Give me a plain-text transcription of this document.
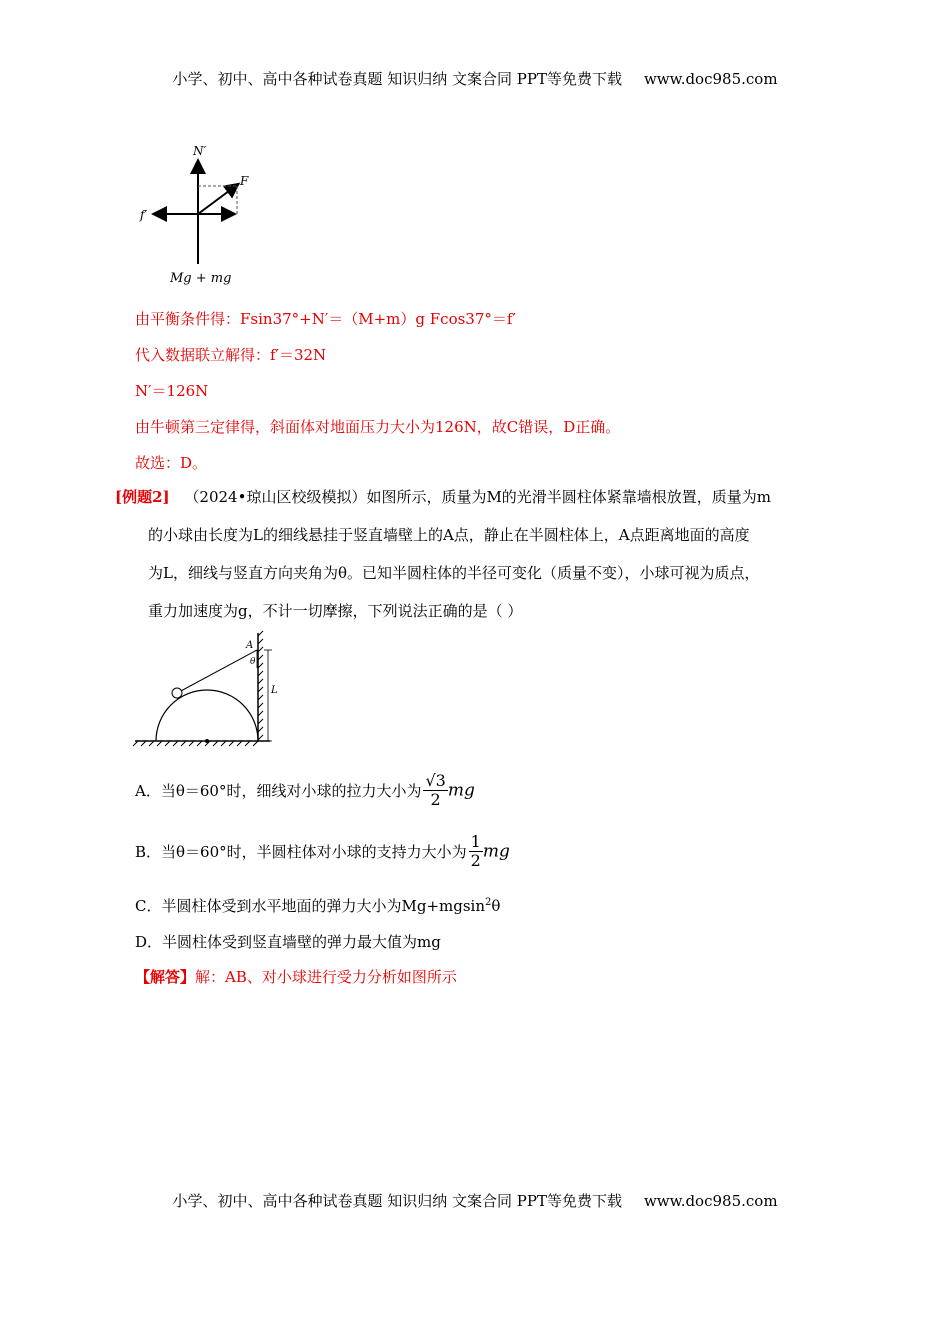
小学、初中、高中各种试卷真题 知识归纳 文案合同 PPT等免费下载 www.doc985.com
N′
F
f′
Mg + mg
由平衡条件得：Fsin37°+N′＝（M+m）g Fcos37°＝f′
代入数据联立解得：f′＝32N
N′＝126N
由牛顿第三定律得，斜面体对地面压力大小为126N，故C错误，D正确。
故选：D。
[例题2] （2024•琼山区校级模拟）如图所示，质量为M的光滑半圆柱体紧靠墙根放置，质量为m
的小球由长度为L的细线悬挂于竖直墙壁上的A点，静止在半圆柱体上，A点距离地面的高度
为L，细线与竖直方向夹角为θ。已知半圆柱体的半径可变化（质量不变），小球可视为质点，
重力加速度为g，不计一切摩擦，下列说法正确的是（ ）
A
θ
L
A．当θ＝60°时，细线对小球的拉力大小为 $\frac{√3}{2}$ mg
B．当θ＝60°时，半圆柱体对小球的支持力大小为 $\frac{1}{2}$ mg
C．半圆柱体受到水平地面的弹力大小为Mg+mgsin$^2$θ
D．半圆柱体受到竖直墙壁的弹力最大值为mg
【解答】解：AB、对小球进行受力分析如图所示
小学、初中、高中各种试卷真题 知识归纳 文案合同 PPT等免费下载 www.doc985.com
